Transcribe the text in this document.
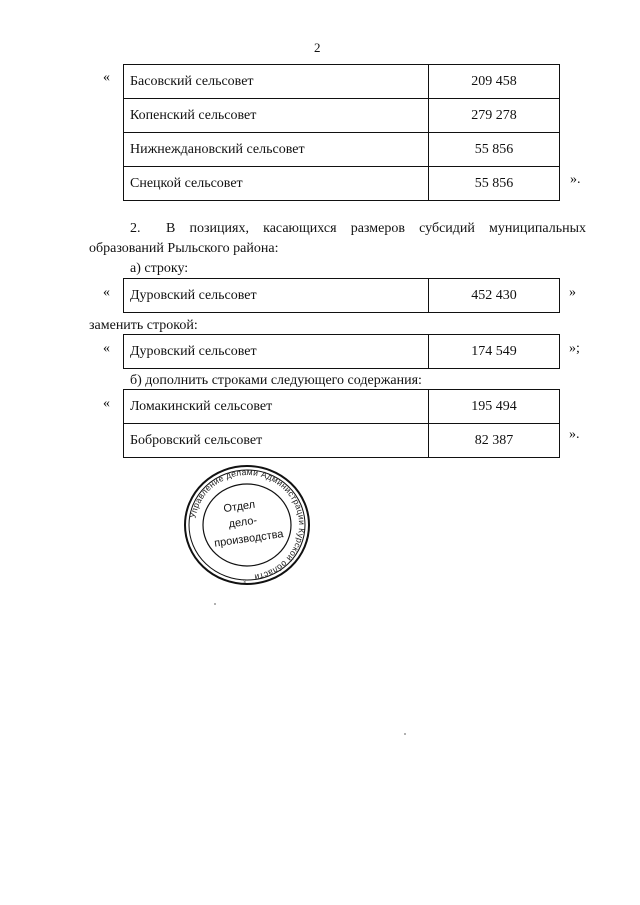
2
« Басовский сельсовет	209 458
Копенский сельсовет	279 278
Нижнеждановский сельсовет	55 856
Снецкой сельсовет	55 856	».
2. В позициях, касающихся размеров субсидий муниципальных
образований Рыльского района:
а) строку:
« Дуровский сельсовет	452 430	»
заменить строкой:
« Дуровский сельсовет	174 549	»;
б) дополнить строками следующего содержания:
« Ломакинский сельсовет	195 494
Бобровский сельсовет	82 387	».
Управление делами Администрации Курской области
Отдел
дело-
производства
×
